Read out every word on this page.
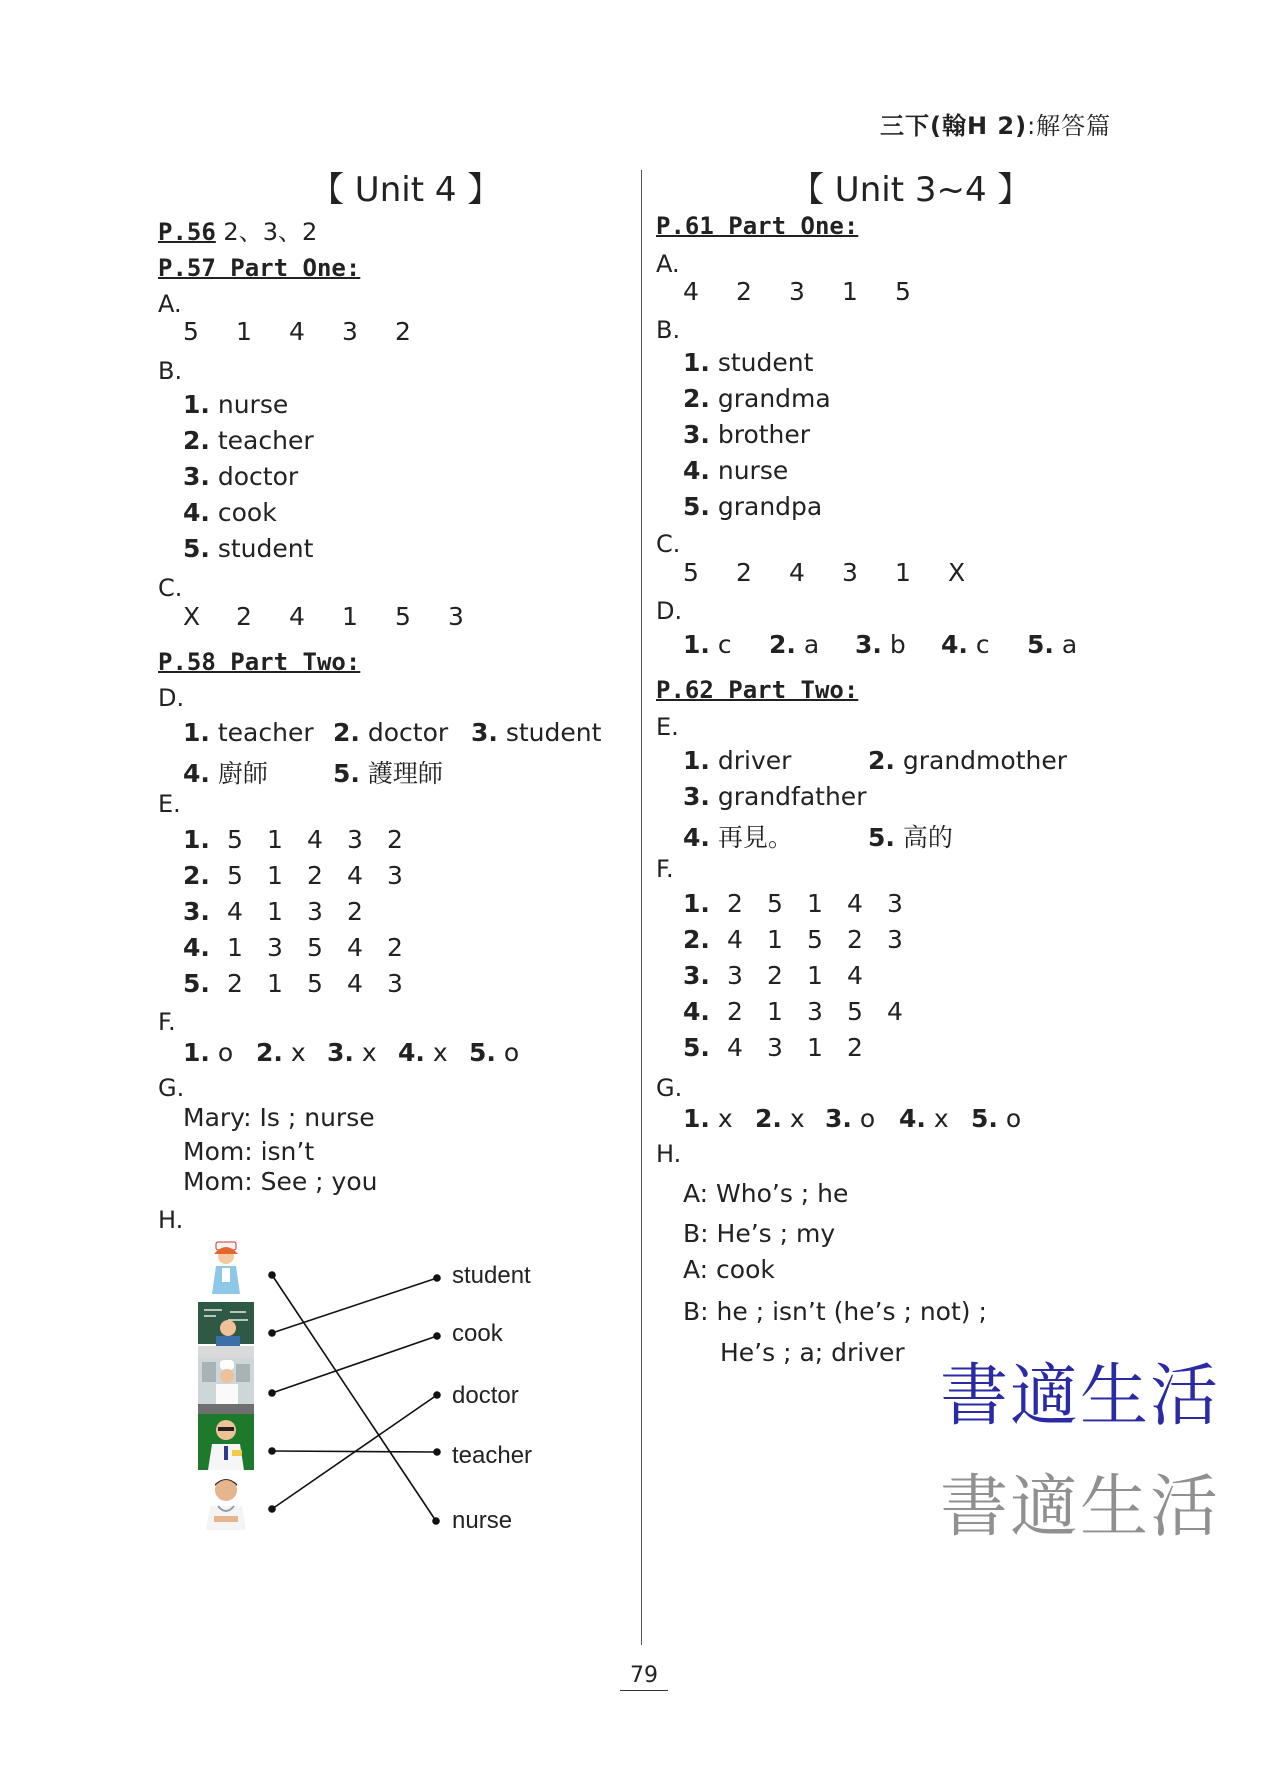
三下(翰H 2):解答篇
【 Unit 4 】
P.56 2、3、2
P.57 Part One:
A.
5 1 4 3 2
B.
1. nurse
2. teacher
3. doctor
4. cook
5. student
C.
X 2 4 1 5 3
P.58 Part Two:
D.
1. teacher 2. doctor 3. student
4. 廚師	5. 護理師
E.
1. 5 1 4 3 2
2. 5 1 2 4 3
3. 4 1 3 2
4. 1 3 5 4 2
5. 2 1 5 4 3
F.
1. o 2. x 3. x 4. x 5. o
G.
Mary: Is ; nurse
Mom: isn’t
Mom: See ; you
H.
student
cook
doctor
teacher
nurse
【 Unit 3~4 】
P.61 Part One:
A.
4 2 3 1 5
B.
1. student
2. grandma
3. brother
4. nurse
5. grandpa
C.
5 2 4 3 1 X
D.
1. c 2. a 3. b 4. c 5. a
P.62 Part Two:
E.
1. driver	2. grandmother
3. grandfather
4. 再見。	5. 高的
F.
1. 2 5 1 4 3
2. 4 1 5 2 3
3. 3 2 1 4
4. 2 1 3 5 4
5. 4 3 1 2
G.
1. x 2. x 3. o 4. x 5. o
H.
A: Who’s ; he
B: He’s ; my
A: cook
B: he ; isn’t (he’s ; not) ;
He’s ; a; driver
書適生活
書適生活
79
